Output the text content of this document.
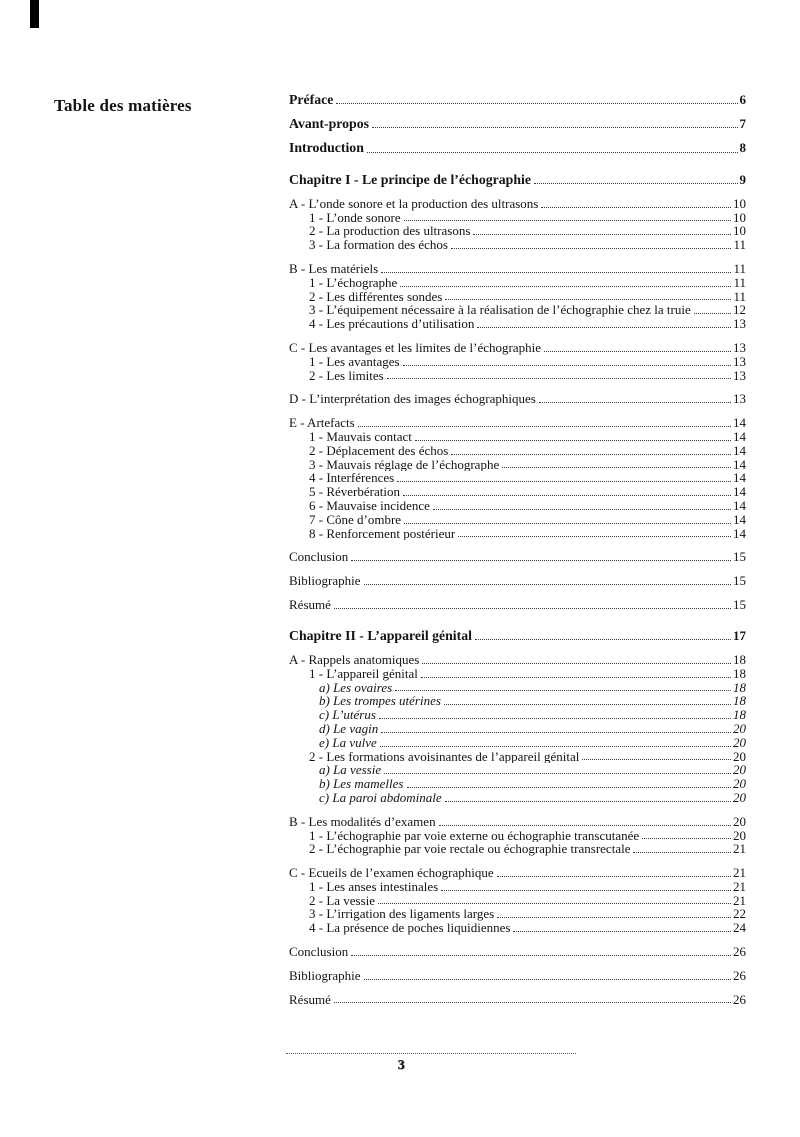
Table des matières	Préface	6
Avant-propos	7
Introduction	8
Chapitre I - Le principe de l’échographie	9
A - L’onde sonore et la production des ultrasons	10
1 - L’onde sonore	10
2 - La production des ultrasons	10
3 - La formation des échos	11
B - Les matériels	11
1 - L’échographe	11
2 - Les différentes sondes	11
3 - L’équipement nécessaire à la réalisation de l’échographie chez la truie	12
4 - Les précautions d’utilisation	13
C - Les avantages et les limites de l’échographie	13
1 - Les avantages	13
2 - Les limites	13
D - L’interprétation des images échographiques	13
E - Artefacts	14
1 - Mauvais contact	14
2 - Déplacement des échos	14
3 - Mauvais réglage de l’échographe	14
4 - Interférences	14
5 - Réverbération	14
6 - Mauvaise incidence	14
7 - Cône d’ombre	14
8 - Renforcement postérieur	14
Conclusion	15
Bibliographie	15
Résumé	15
Chapitre II - L’appareil génital	17
A - Rappels anatomiques	18
1 - L’appareil génital	18
a) Les ovaires	18
b) Les trompes utérines	18
c) L’utérus	18
d) Le vagin	20
e) La vulve	20
2 - Les formations avoisinantes de l’appareil génital	20
a) La vessie	20
b) Les mamelles	20
c) La paroi abdominale	20
B - Les modalités d’examen	20
1 - L’échographie par voie externe ou échographie transcutanée	20
2 - L’échographie par voie rectale ou échographie transrectale	21
C - Ecueils de l’examen échographique	21
1 - Les anses intestinales	21
2 - La vessie	21
3 - L’irrigation des ligaments larges	22
4 - La présence de poches liquidiennes	24
Conclusion	26
Bibliographie	26
Résumé	26
3
